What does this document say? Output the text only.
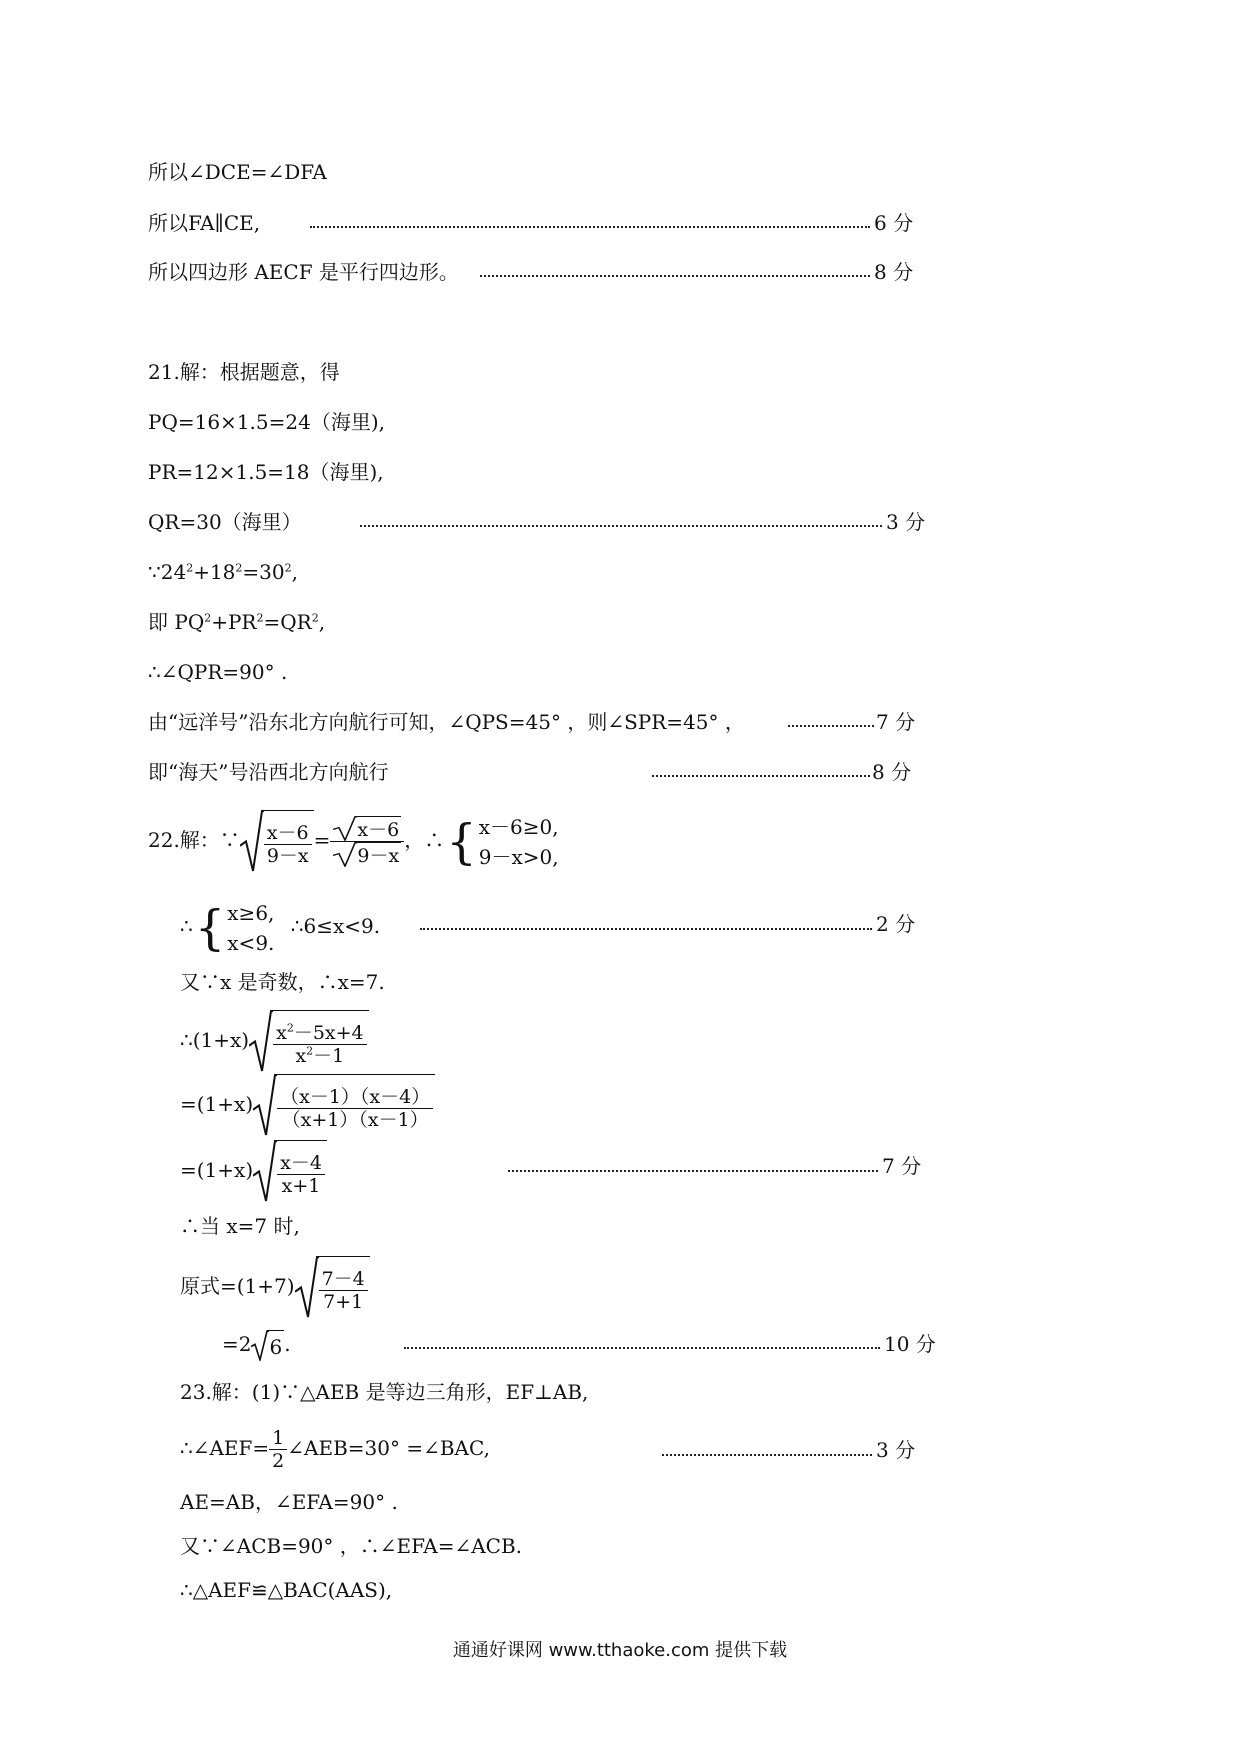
所以∠DCE=∠DFA
所以FA∥CE,	6 分
所以四边形 AECF 是平行四边形。	8 分
21.解：根据题意，得
PQ=16×1.5=24（海里),
PR=12×1.5=18（海里),
QR=30（海里）	3 分
$\because 24^2+18^2=30^2$,
即 $PQ^2+PR^2=QR^2$,
∴∠QPR=90° .
由“远洋号”沿东北方向航行可知，∠QPS=45° ，则∠SPR=45° ，	7 分
即“海天”号沿西北方向航行	8 分
22.解：∵ $\frac{x-6}{9-x} = \frac{x-6}{9-x}$ ，∴{ x－6≥0,
9－x>0,
∴{ x≥6,
x<9.
∴6≤x<9.	2 分
又∵x 是奇数，∴x=7.
∴(1+x) $\frac{x^2-5x+4}{x^2-1}$
$=(1+x) \frac{(x-1)(x-4)}{(x+1)(x-1)}$
$=(1+x) \frac{x-4}{x+1}$	7 分
∴当 x=7 时,
原式$=(1+7) \frac{7-4}{7+1}$
=2 6 .	10 分
23.解：(1)∵△AEB 是等边三角形，EF⊥AB,
∴∠AEF= $\frac{1}{2}$ ∠AEB=30° =∠BAC,	3 分
AE=AB，∠EFA=90° .
又∵∠ACB=90° ，∴∠EFA=∠ACB.
∴△AEF≌△BAC(AAS),
通通好课网 www.tthaoke.com 提供下载
